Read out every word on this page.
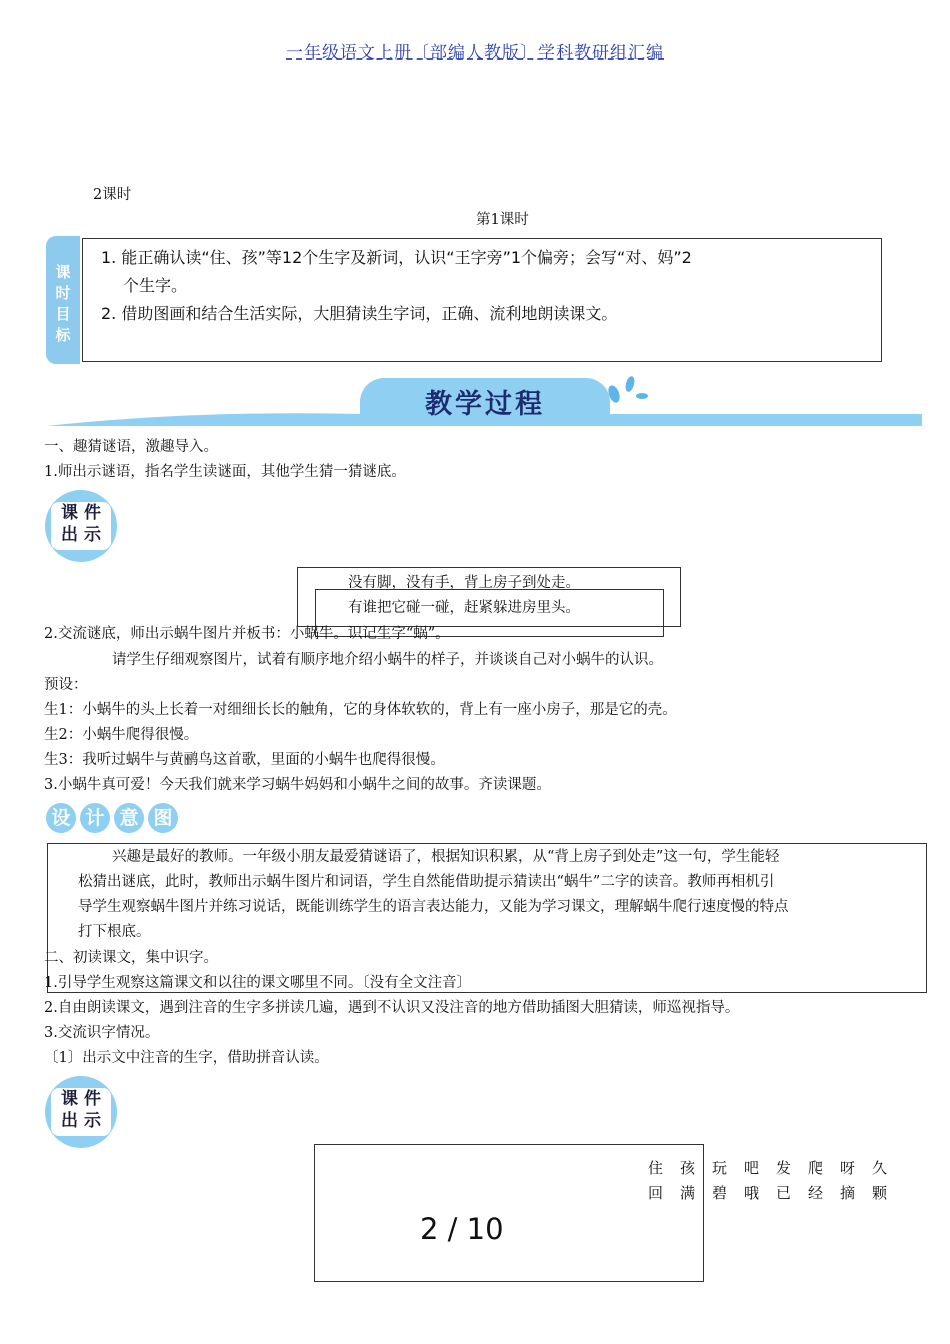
一年级语文上册〔部编人教版〕学科教研组汇编
2课时
第1课时
课
时
目
标
1. 能正确认读“住、孩”等12个生字及新词，认识“王字旁”1个偏旁；会写“对、妈”2
个生字。
2. 借助图画和结合生活实际，大胆猜读生字词，正确、流利地朗读课文。
教学过程
一、趣猜谜语，激趣导入。
1.师出示谜语，指名学生读谜面，其他学生猜一猜谜底。
课 件
出 示
没有脚，没有手，背上房子到处走。
有谁把它碰一碰，赶紧躲进房里头。
2.交流谜底，师出示蜗牛图片并板书：小蜗牛。识记生字“蜗”。
请学生仔细观察图片，试着有顺序地介绍小蜗牛的样子，并谈谈自己对小蜗牛的认识。
预设：
生1：小蜗牛的头上长着一对细细长长的触角，它的身体软软的，背上有一座小房子，那是它的壳。
生2：小蜗牛爬得很慢。
生3：我听过蜗牛与黄鹂鸟这首歌，里面的小蜗牛也爬得很慢。
3.小蜗牛真可爱！今天我们就来学习蜗牛妈妈和小蜗牛之间的故事。齐读课题。
设 计 意 图
兴趣是最好的教师。一年级小朋友最爱猜谜语了，根据知识积累，从“背上房子到处走”这一句，学生能轻
松猜出谜底，此时，教师出示蜗牛图片和词语，学生自然能借助提示猜读出“蜗牛”二字的读音。教师再相机引
导学生观察蜗牛图片并练习说话，既能训练学生的语言表达能力，又能为学习课文，理解蜗牛爬行速度慢的特点
打下根底。
二、初读课文，集中识字。
1.引导学生观察这篇课文和以往的课文哪里不同。〔没有全文注音〕
2.自由朗读课文，遇到注音的生字多拼读几遍，遇到不认识又没注音的地方借助插图大胆猜读，师巡视指导。
3.交流识字情况。
〔1〕出示文中注音的生字，借助拼音认读。
课 件
出 示
住孩玩吧发爬呀久
回满碧哦已经摘颗
2 / 10
